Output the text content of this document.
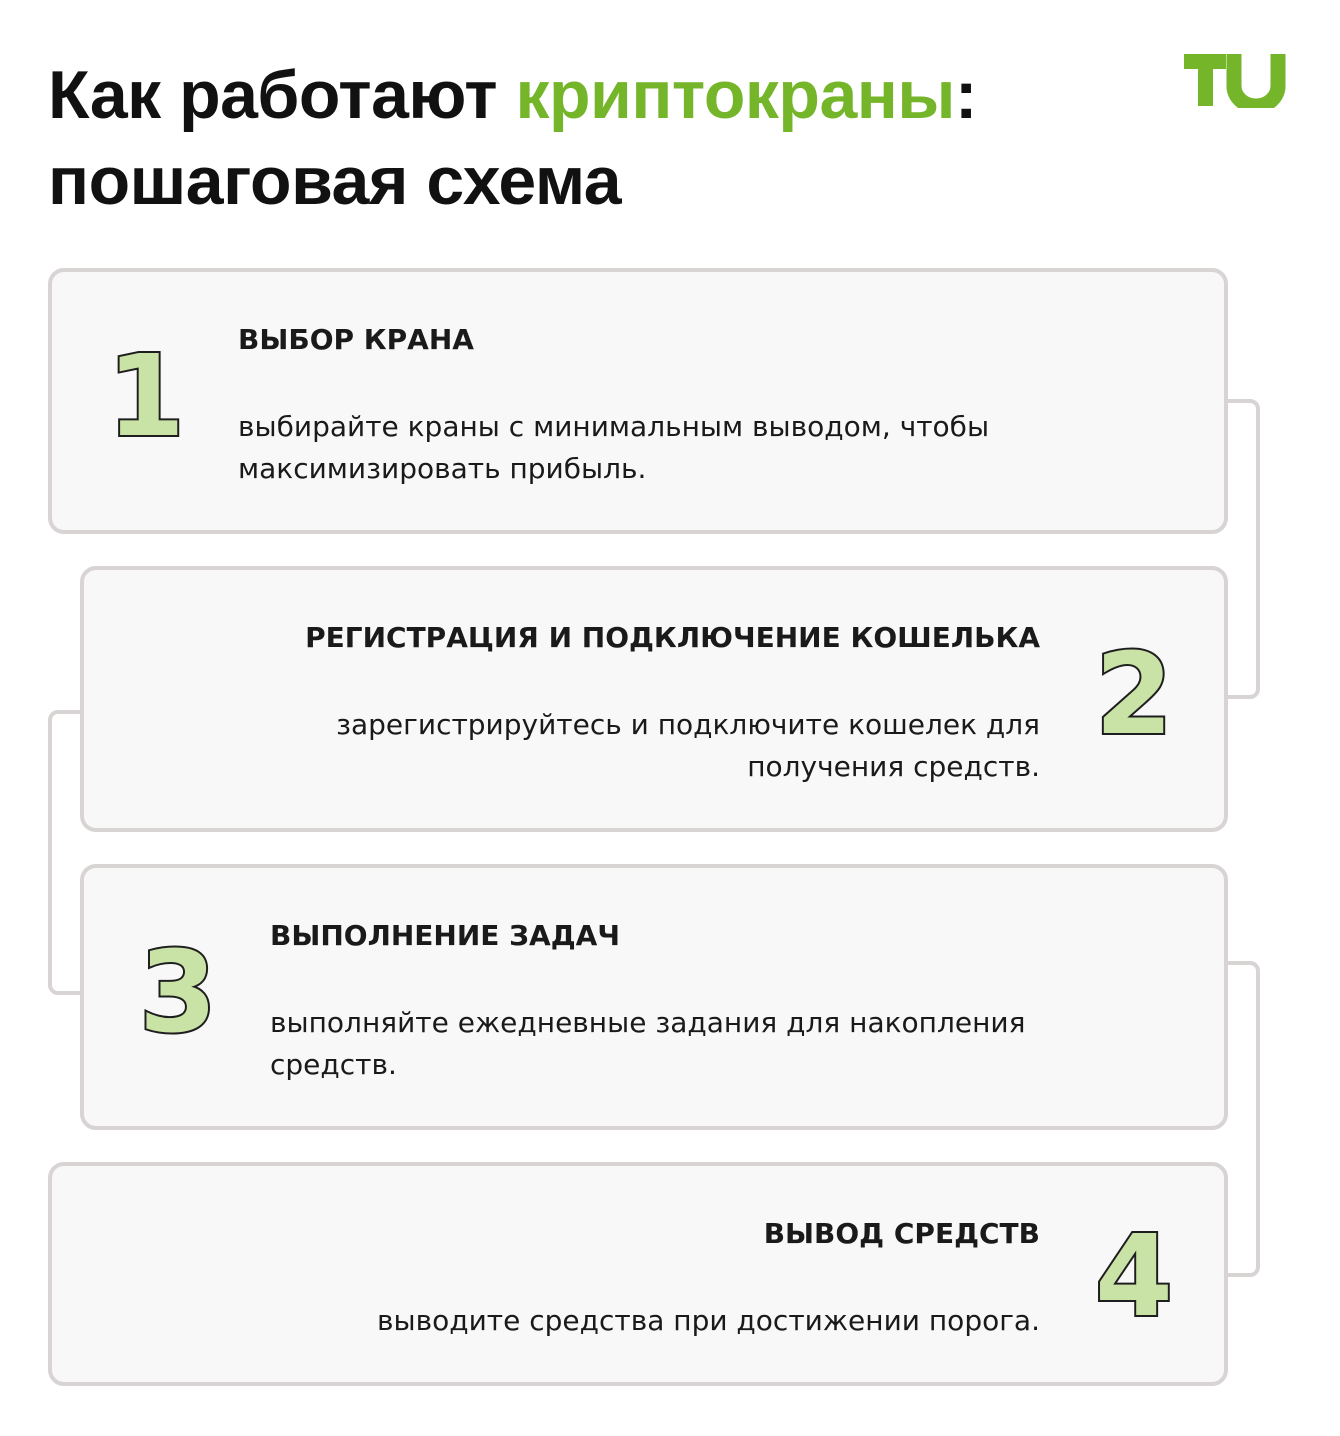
Как работают криптокраны:
пошаговая схема
1	ВЫБОР КРАНА

выбирайте краны с минимальным выводом, чтобы максимизировать прибыль.

РЕГИСТРАЦИЯ И ПОДКЛЮЧЕНИЕ КОШЕЛЬКА

зарегистрируйтесь и подключите кошелек для получения средств.

2
3	ВЫПОЛНЕНИЕ ЗАДАЧ

выполняйте ежедневные задания для накопления средств.

ВЫВОД СРЕДСТВ

выводите средства при достижении порога. 4
